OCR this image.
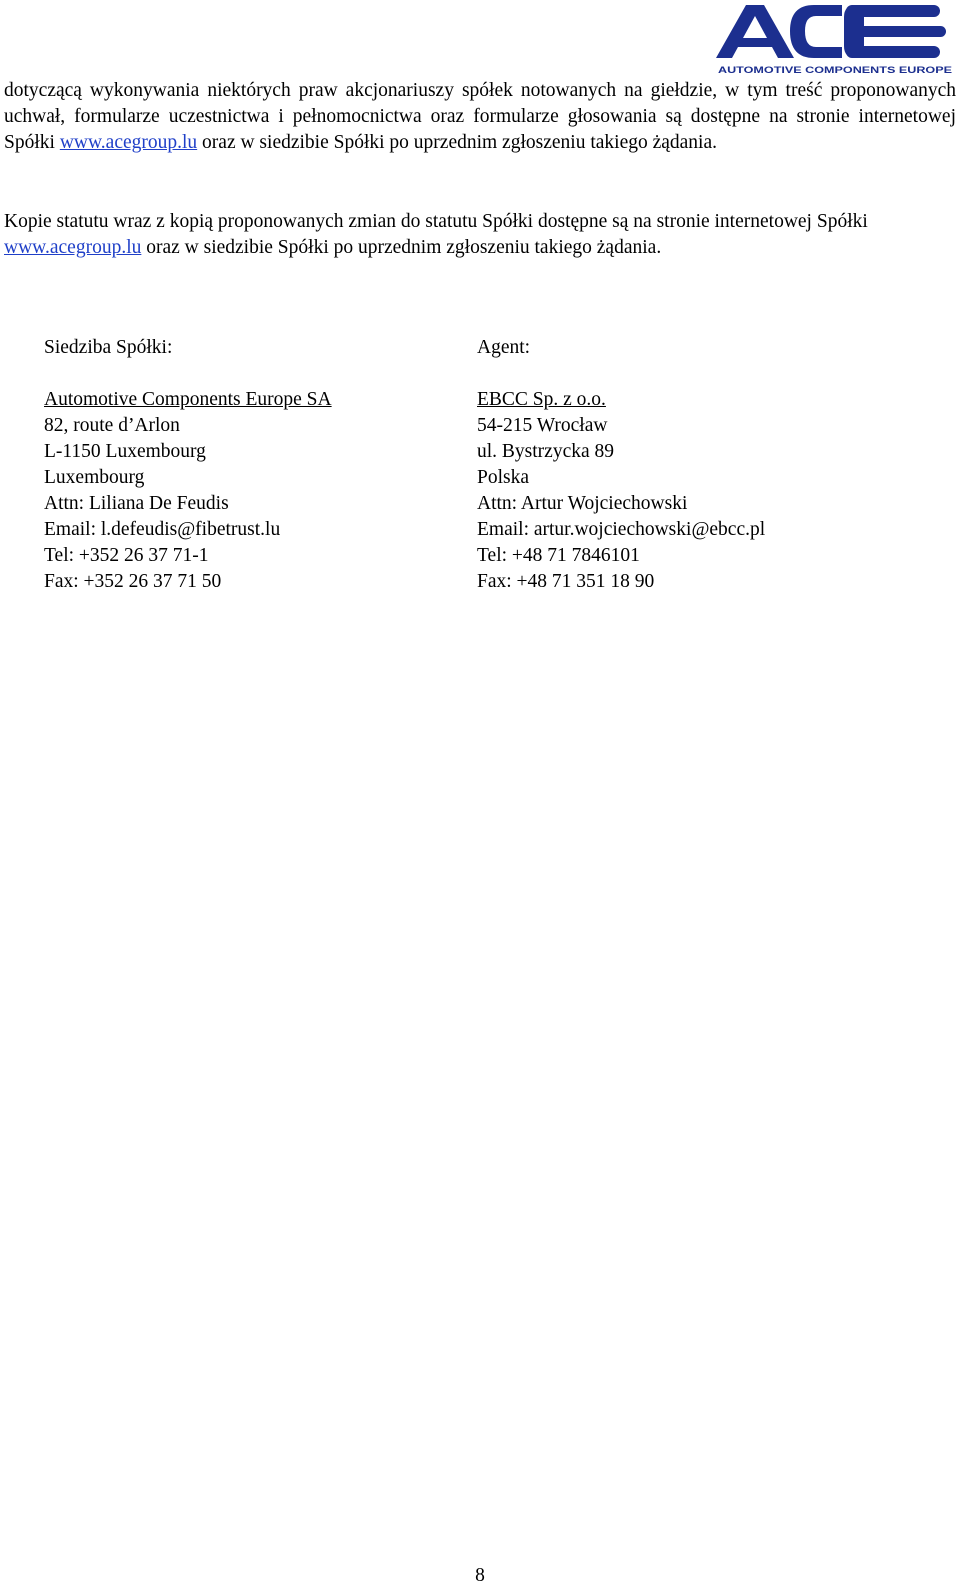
AUTOMOTIVE COMPONENTS EUROPE

dotyczącą wykonywania niektórych praw akcjonariuszy spółek notowanych na giełdzie, w tym treść proponowanych uchwał, formularze uczestnictwa i pełnomocnictwa oraz formularze głosowania są dostępne na stronie internetowej Spółki www.acegroup.lu oraz w siedzibie Spółki po uprzednim zgłoszeniu takiego żądania.

Kopie statutu wraz z kopią proponowanych zmian do statutu Spółki dostępne są na stronie internetowej Spółki www.acegroup.lu oraz w siedzibie Spółki po uprzednim zgłoszeniu takiego żądania.

Siedziba Spółki:
Automotive Components Europe SA
82, route d’Arlon
L-1150 Luxembourg
Luxembourg
Attn: Liliana De Feudis
Email: l.defeudis@fibetrust.lu
Tel: +352 26 37 71-1
Fax: +352 26 37 71 50
Agent:
EBCC Sp. z o.o.
54-215 Wrocław
ul. Bystrzycka 89
Polska
Attn: Artur Wojciechowski
Email: artur.wojciechowski@ebcc.pl
Tel: +48 71 7846101
Fax: +48 71 351 18 90
8
